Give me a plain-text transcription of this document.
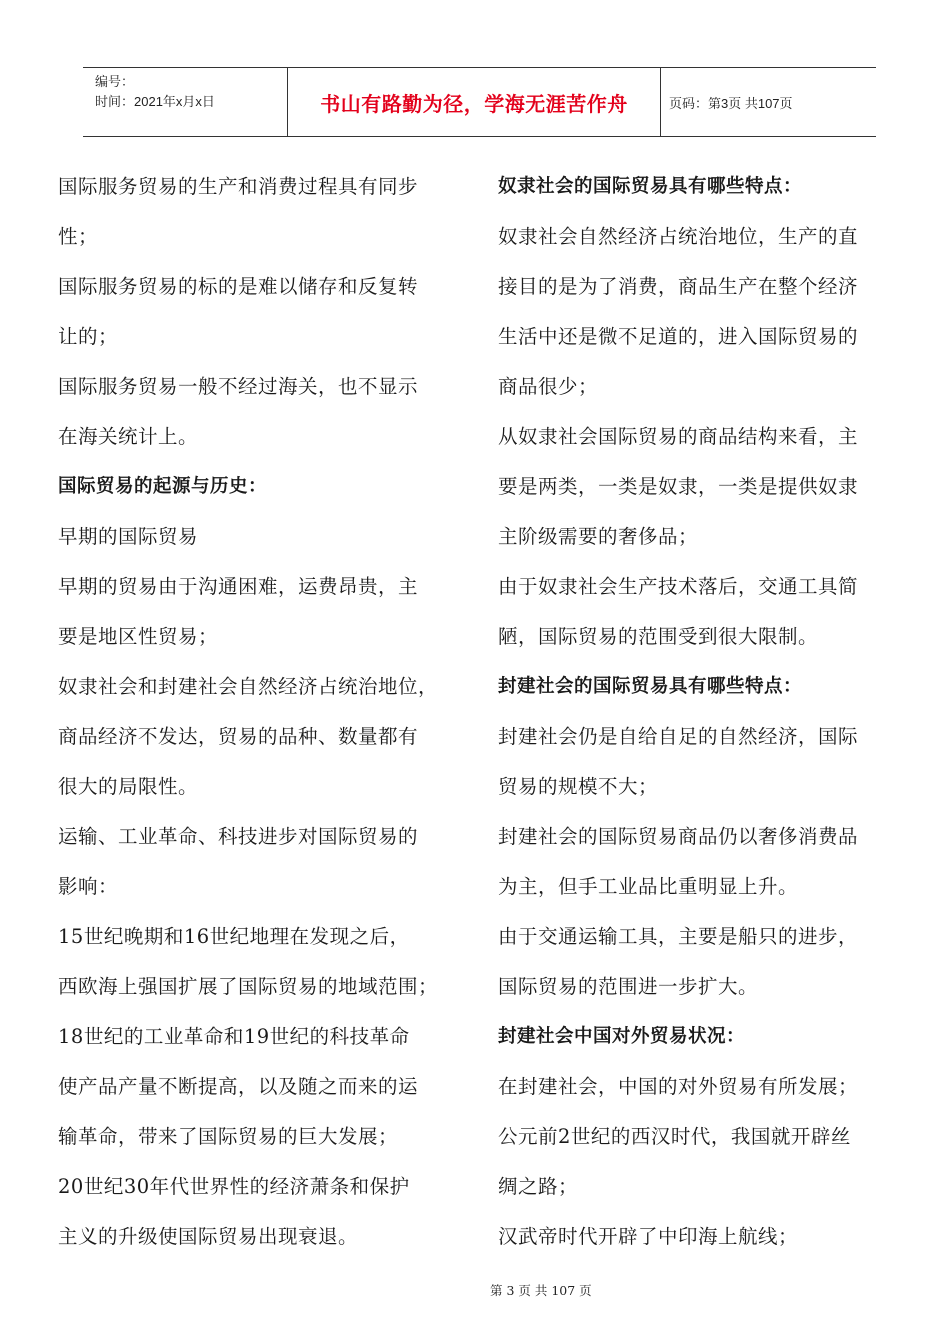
编号：
时间：2021年x月x日	书山有路勤为径，学海无涯苦作舟	页码：第3页 共107页
国际服务贸易的生产和消费过程具有同步
性；
国际服务贸易的标的是难以储存和反复转
让的；
国际服务贸易一般不经过海关，也不显示
在海关统计上。
国际贸易的起源与历史：
早期的国际贸易
早期的贸易由于沟通困难，运费昂贵，主
要是地区性贸易；
奴隶社会和封建社会自然经济占统治地位，
商品经济不发达，贸易的品种、数量都有
很大的局限性。
运输、工业革命、科技进步对国际贸易的
影响：
15世纪晚期和16世纪地理在发现之后，
西欧海上强国扩展了国际贸易的地域范围；
18世纪的工业革命和19世纪的科技革命
使产品产量不断提高，以及随之而来的运
输革命，带来了国际贸易的巨大发展；
20世纪30年代世界性的经济萧条和保护
主义的升级使国际贸易出现衰退。
奴隶社会的国际贸易具有哪些特点：
奴隶社会自然经济占统治地位，生产的直
接目的是为了消费，商品生产在整个经济
生活中还是微不足道的，进入国际贸易的
商品很少；
从奴隶社会国际贸易的商品结构来看，主
要是两类，一类是奴隶，一类是提供奴隶
主阶级需要的奢侈品；
由于奴隶社会生产技术落后，交通工具简
陋，国际贸易的范围受到很大限制。
封建社会的国际贸易具有哪些特点：
封建社会仍是自给自足的自然经济，国际
贸易的规模不大；
封建社会的国际贸易商品仍以奢侈消费品
为主，但手工业品比重明显上升。
由于交通运输工具，主要是船只的进步，
国际贸易的范围进一步扩大。
封建社会中国对外贸易状况：
在封建社会，中国的对外贸易有所发展；
公元前2世纪的西汉时代，我国就开辟丝
绸之路；
汉武帝时代开辟了中印海上航线；
第 3 页 共 107 页
